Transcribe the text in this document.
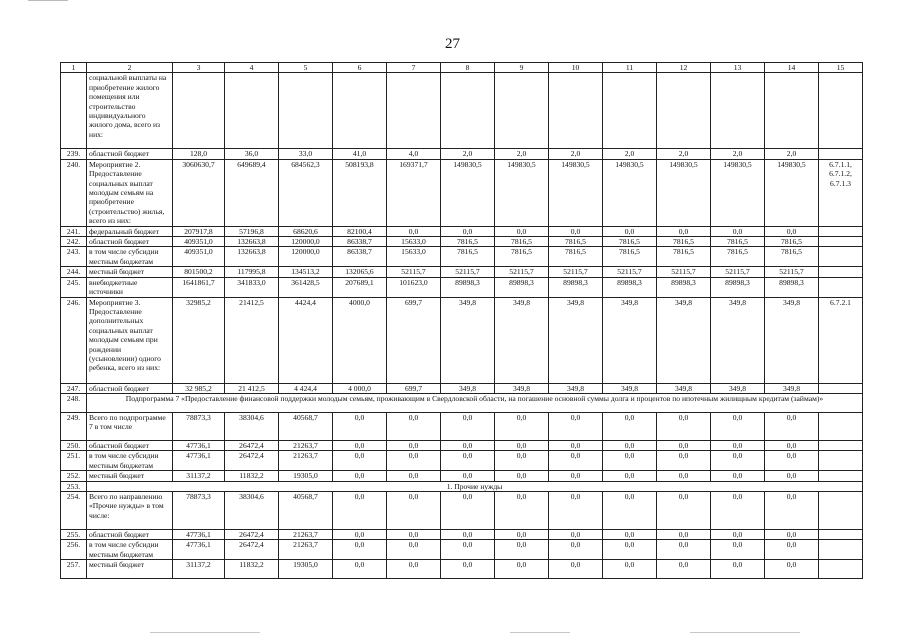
27
1	2	3	4	5	6	7	8	9	10	11	12	13	14	15
	социальной выплаты на приобретение жилого помещения или строительство индивидуального жилого дома, всего из них:													
239.	областной бюджет	128,0	36,0	33,0	41,0	4,0	2,0	2,0	2,0	2,0	2,0	2,0	2,0	
240.	Мероприятие 2. Предоставление социальных выплат молодым семьям на приобретение (строительство) жилья, всего из них:	3060630,7	649689,4	684562,3	508193,8	169371,7	149830,5	149830,5	149830,5	149830,5	149830,5	149830,5	149830,5	6.7.1.1, 6.7.1.2, 6.7.1.3
241.	федеральный бюджет	207917,8	57196,8	68620,6	82100,4	0,0	0,0	0,0	0,0	0,0	0,0	0,0	0,0	
242.	областной бюджет	409351,0	132663,8	120000,0	86338,7	15633,0	7816,5	7816,5	7816,5	7816,5	7816,5	7816,5	7816,5	
243.	в том числе субсидии местным бюджетам	409351,0	132663,8	120000,0	86338,7	15633,0	7816,5	7816,5	7816,5	7816,5	7816,5	7816,5	7816,5	
244.	местный бюджет	801500,2	117995,8	134513,2	132065,6	52115,7	52115,7	52115,7	52115,7	52115,7	52115,7	52115,7	52115,7	
245.	внебюджетные источники	1641861,7	341833,0	361428,5	207689,1	101623,0	89898,3	89898,3	89898,3	89898,3	89898,3	89898,3	89898,3	
246.	Мероприятие 3. Предоставление дополнительных социальных выплат молодым семьям при рождении (усыновлении) одного ребенка, всего из них:	32985,2	21412,5	4424,4	4000,0	699,7	349,8	349,8	349,8	349,8	349,8	349,8	349,8	6.7.2.1
247.	областной бюджет	32 985,2	21 412,5	4 424,4	4 000,0	699,7	349,8	349,8	349,8	349,8	349,8	349,8	349,8	
248.	Подпрограмма 7 «Предоставление финансовой поддержки молодым семьям, проживающим в Свердловской области, на погашение основной суммы долга и процентов по ипотечным жилищным кредитам (займам)»													
249.	Всего по подпрограмме 7 в том числе	78873,3	38304,6	40568,7	0,0	0,0	0,0	0,0	0,0	0,0	0,0	0,0	0,0	
250.	областной бюджет	47736,1	26472,4	21263,7	0,0	0,0	0,0	0,0	0,0	0,0	0,0	0,0	0,0	
251.	в том числе субсидии местным бюджетам	47736,1	26472,4	21263,7	0,0	0,0	0,0	0,0	0,0	0,0	0,0	0,0	0,0	
252.	местный бюджет	31137,2	11832,2	19305,0	0,0	0,0	0,0	0,0	0,0	0,0	0,0	0,0	0,0	
253.	1. Прочие нужды													
254.	Всего по направлению «Прочие нужды» в том числе:	78873,3	38304,6	40568,7	0,0	0,0	0,0	0,0	0,0	0,0	0,0	0,0	0,0	
255.	областной бюджет	47736,1	26472,4	21263,7	0,0	0,0	0,0	0,0	0,0	0,0	0,0	0,0	0,0	
256.	в том числе субсидии местным бюджетам	47736,1	26472,4	21263,7	0,0	0,0	0,0	0,0	0,0	0,0	0,0	0,0	0,0	
257.	местный бюджет	31137,2	11832,2	19305,0	0,0	0,0	0,0	0,0	0,0	0,0	0,0	0,0	0,0	
